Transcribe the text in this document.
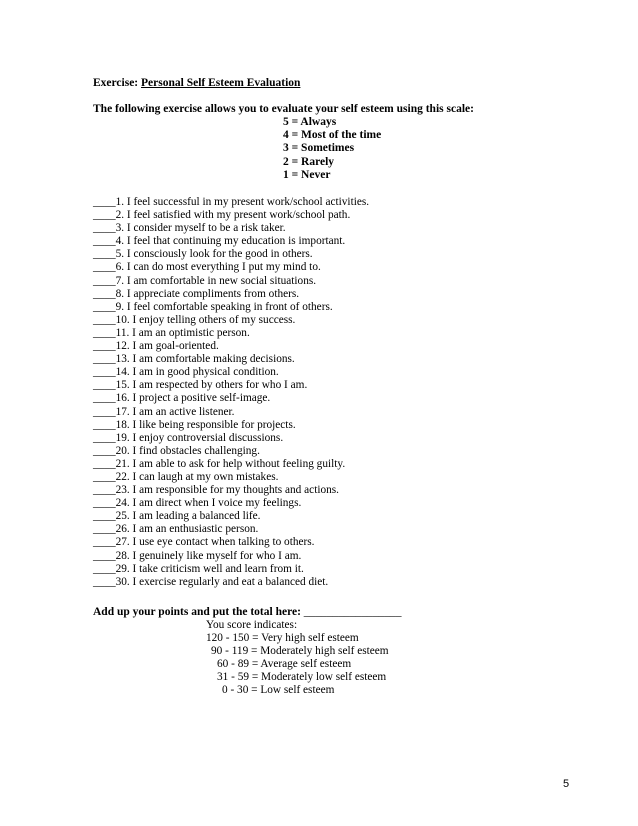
Exercise: Personal Self Esteem Evaluation
The following exercise allows you to evaluate your self esteem using this scale:
5 = Always
4 = Most of the time
3 = Sometimes
2 = Rarely
1 = Never
____1. I feel successful in my present work/school activities.
____2. I feel satisfied with my present work/school path.
____3. I consider myself to be a risk taker.
____4. I feel that continuing my education is important.
____5. I consciously look for the good in others.
____6. I can do most everything I put my mind to.
____7. I am comfortable in new social situations.
____8. I appreciate compliments from others.
____9. I feel comfortable speaking in front of others.
____10. I enjoy telling others of my success.
____11. I am an optimistic person.
____12. I am goal-oriented.
____13. I am comfortable making decisions.
____14. I am in good physical condition.
____15. I am respected by others for who I am.
____16. I project a positive self-image.
____17. I am an active listener.
____18. I like being responsible for projects.
____19. I enjoy controversial discussions.
____20. I find obstacles challenging.
____21. I am able to ask for help without feeling guilty.
____22. I can laugh at my own mistakes.
____23. I am responsible for my thoughts and actions.
____24. I am direct when I voice my feelings.
____25. I am leading a balanced life.
____26. I am an enthusiastic person.
____27. I use eye contact when talking to others.
____28. I genuinely like myself for who I am.
____29. I take criticism well and learn from it.
____30. I exercise regularly and eat a balanced diet.
Add up your points and put the total here: _________________
You score indicates:
120 - 150 = Very high self esteem
90 - 119 = Moderately high self esteem
60 - 89 = Average self esteem
31 - 59 = Moderately low self esteem
0 - 30 = Low self esteem
5
